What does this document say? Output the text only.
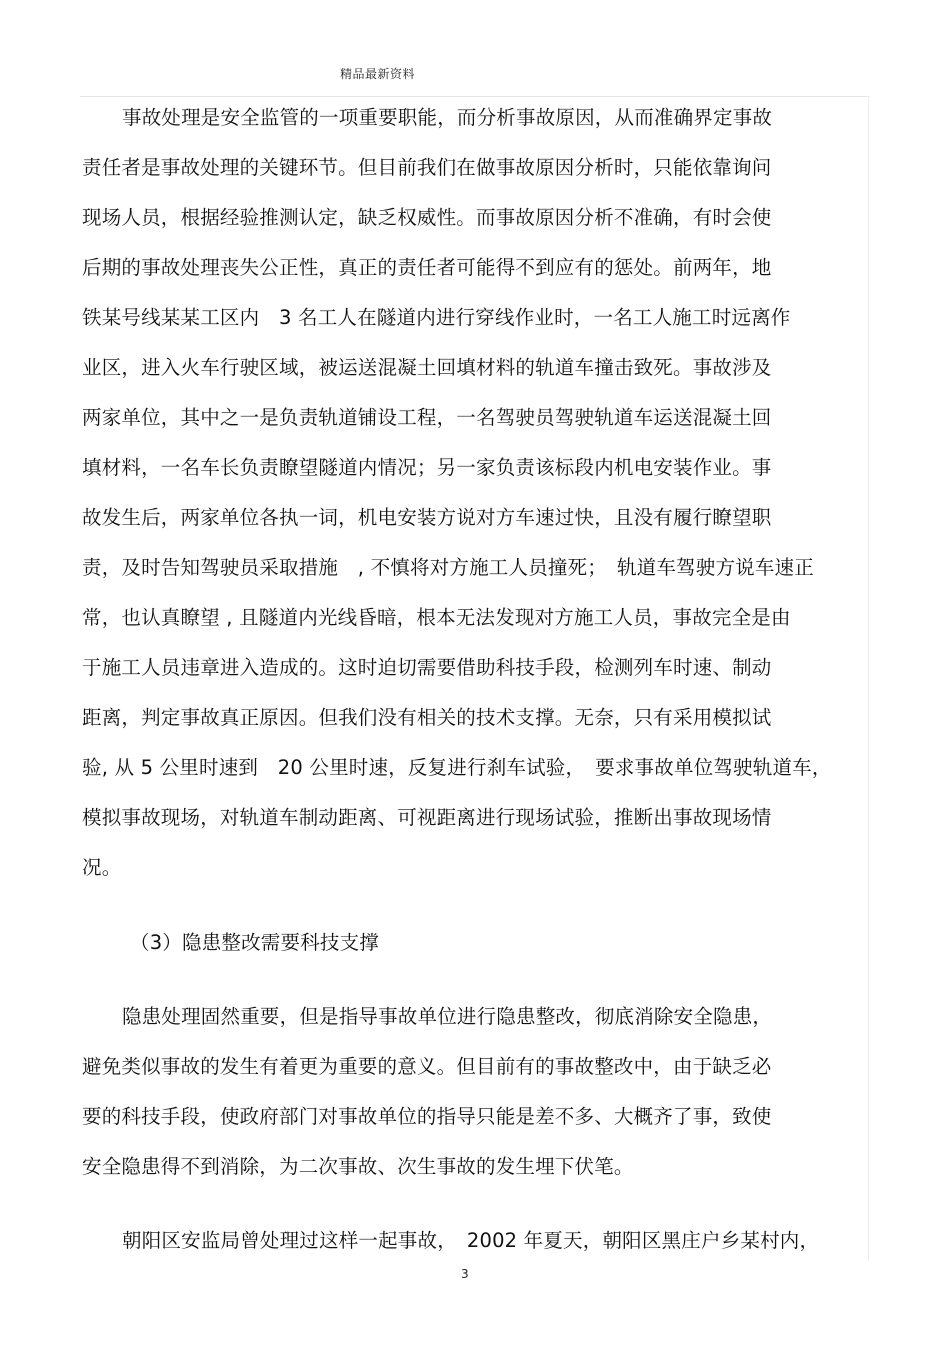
精品最新资料
事故处理是安全监管的一项重要职能，而分析事故原因，从而准确界定事故
责任者是事故处理的关键环节。但目前我们在做事故原因分析时，只能依靠询问
现场人员，根据经验推测认定，缺乏权威性。而事故原因分析不准确，有时会使
后期的事故处理丧失公正性，真正的责任者可能得不到应有的惩处。前两年，地
铁某号线某某工区内　3 名工人在隧道内进行穿线作业时，一名工人施工时远离作
业区，进入火车行驶区域，被运送混凝土回填材料的轨道车撞击致死。事故涉及
两家单位，其中之一是负责轨道铺设工程，一名驾驶员驾驶轨道车运送混凝土回
填材料，一名车长负责瞭望隧道内情况；另一家负责该标段内机电安装作业。事
故发生后，两家单位各执一词，机电安装方说对方车速过快，且没有履行瞭望职
责，及时告知驾驶员采取措施　, 不慎将对方施工人员撞死；　轨道车驾驶方说车速正
常，也认真瞭望 , 且隧道内光线昏暗，根本无法发现对方施工人员，事故完全是由
于施工人员违章进入造成的。这时迫切需要借助科技手段，检测列车时速、制动
距离，判定事故真正原因。但我们没有相关的技术支撑。无奈，只有采用模拟试
验, 从 5 公里时速到　20 公里时速，反复进行刹车试验，　要求事故单位驾驶轨道车，
模拟事故现场，对轨道车制动距离、可视距离进行现场试验，推断出事故现场情
况。
（3）隐患整改需要科技支撑
隐患处理固然重要，但是指导事故单位进行隐患整改，彻底消除安全隐患，
避免类似事故的发生有着更为重要的意义。但目前有的事故整改中，由于缺乏必
要的科技手段，使政府部门对事故单位的指导只能是差不多、大概齐了事，致使
安全隐患得不到消除，为二次事故、次生事故的发生埋下伏笔。
朝阳区安监局曾处理过这样一起事故，　2002 年夏天，朝阳区黑庄户乡某村内，
3
